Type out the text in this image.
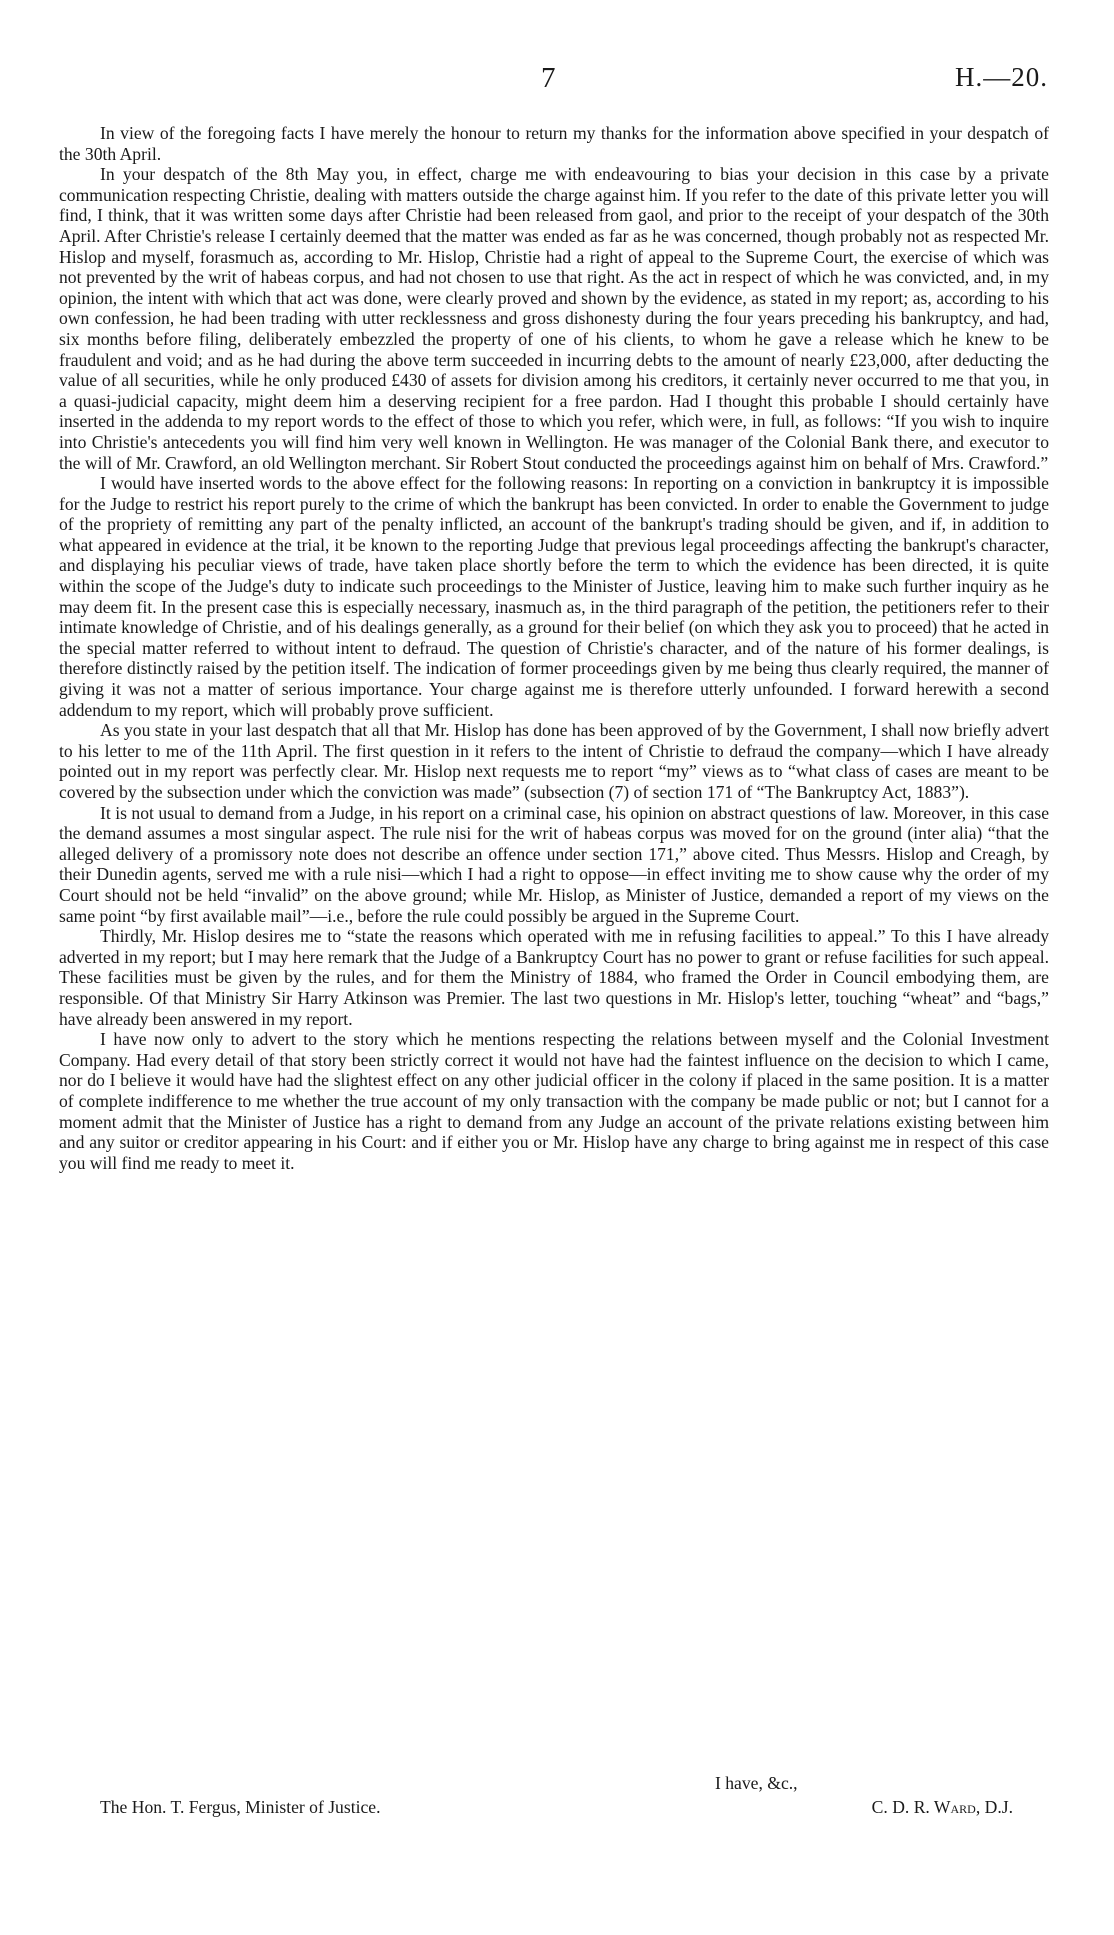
7	H.—20.

In view of the foregoing facts I have merely the honour to return my thanks for the information above specified in your despatch of the 30th April.

In your despatch of the 8th May you, in effect, charge me with endeavouring to bias your decision in this case by a private communication respecting Christie, dealing with matters outside the charge against him. If you refer to the date of this private letter you will find, I think, that it was written some days after Christie had been released from gaol, and prior to the receipt of your despatch of the 30th April. After Christie's release I certainly deemed that the matter was ended as far as he was concerned, though probably not as respected Mr. Hislop and myself, forasmuch as, according to Mr. Hislop, Christie had a right of appeal to the Supreme Court, the exercise of which was not prevented by the writ of habeas corpus, and had not chosen to use that right. As the act in respect of which he was convicted, and, in my opinion, the intent with which that act was done, were clearly proved and shown by the evidence, as stated in my report; as, according to his own confession, he had been trading with utter recklessness and gross dishonesty during the four years preceding his bankruptcy, and had, six months before filing, deliberately embezzled the property of one of his clients, to whom he gave a release which he knew to be fraudulent and void; and as he had during the above term succeeded in incurring debts to the amount of nearly £23,000, after deducting the value of all securities, while he only produced £430 of assets for division among his creditors, it certainly never occurred to me that you, in a quasi-judicial capacity, might deem him a deserving recipient for a free pardon. Had I thought this probable I should certainly have inserted in the addenda to my report words to the effect of those to which you refer, which were, in full, as follows: “If you wish to inquire into Christie's antecedents you will find him very well known in Wellington. He was manager of the Colonial Bank there, and executor to the will of Mr. Crawford, an old Wellington merchant. Sir Robert Stout conducted the proceedings against him on behalf of Mrs. Crawford.”

I would have inserted words to the above effect for the following reasons: In reporting on a conviction in bankruptcy it is impossible for the Judge to restrict his report purely to the crime of which the bankrupt has been convicted. In order to enable the Government to judge of the propriety of remitting any part of the penalty inflicted, an account of the bankrupt's trading should be given, and if, in addition to what appeared in evidence at the trial, it be known to the reporting Judge that previous legal proceedings affecting the bankrupt's character, and displaying his peculiar views of trade, have taken place shortly before the term to which the evidence has been directed, it is quite within the scope of the Judge's duty to indicate such proceedings to the Minister of Justice, leaving him to make such further inquiry as he may deem fit. In the present case this is especially necessary, inasmuch as, in the third paragraph of the petition, the petitioners refer to their intimate knowledge of Christie, and of his dealings generally, as a ground for their belief (on which they ask you to proceed) that he acted in the special matter referred to without intent to defraud. The question of Christie's character, and of the nature of his former dealings, is therefore distinctly raised by the petition itself. The indication of former proceedings given by me being thus clearly required, the manner of giving it was not a matter of serious importance. Your charge against me is therefore utterly unfounded. I forward herewith a second addendum to my report, which will probably prove sufficient.

As you state in your last despatch that all that Mr. Hislop has done has been approved of by the Government, I shall now briefly advert to his letter to me of the 11th April. The first question in it refers to the intent of Christie to defraud the company—which I have already pointed out in my report was perfectly clear. Mr. Hislop next requests me to report “my” views as to “what class of cases are meant to be covered by the subsection under which the conviction was made” (subsection (7) of section 171 of “The Bankruptcy Act, 1883”).

It is not usual to demand from a Judge, in his report on a criminal case, his opinion on abstract questions of law. Moreover, in this case the demand assumes a most singular aspect. The rule nisi for the writ of habeas corpus was moved for on the ground (inter alia) “that the alleged delivery of a promissory note does not describe an offence under section 171,” above cited. Thus Messrs. Hislop and Creagh, by their Dunedin agents, served me with a rule nisi—which I had a right to oppose—in effect inviting me to show cause why the order of my Court should not be held “invalid” on the above ground; while Mr. Hislop, as Minister of Justice, demanded a report of my views on the same point “by first available mail”—i.e., before the rule could possibly be argued in the Supreme Court.

Thirdly, Mr. Hislop desires me to “state the reasons which operated with me in refusing facilities to appeal.” To this I have already adverted in my report; but I may here remark that the Judge of a Bankruptcy Court has no power to grant or refuse facilities for such appeal. These facilities must be given by the rules, and for them the Ministry of 1884, who framed the Order in Council embodying them, are responsible. Of that Ministry Sir Harry Atkinson was Premier. The last two questions in Mr. Hislop's letter, touching “wheat” and “bags,” have already been answered in my report.

I have now only to advert to the story which he mentions respecting the relations between myself and the Colonial Investment Company. Had every detail of that story been strictly correct it would not have had the faintest influence on the decision to which I came, nor do I believe it would have had the slightest effect on any other judicial officer in the colony if placed in the same position. It is a matter of complete indifference to me whether the true account of my only transaction with the company be made public or not; but I cannot for a moment admit that the Minister of Justice has a right to demand from any Judge an account of the private relations existing between him and any suitor or creditor appearing in his Court: and if either you or Mr. Hislop have any charge to bring against me in respect of this case you will find me ready to meet it.

I have, &c.,
The Hon. T. Fergus, Minister of Justice.	C. D. R. Ward, D.J.
